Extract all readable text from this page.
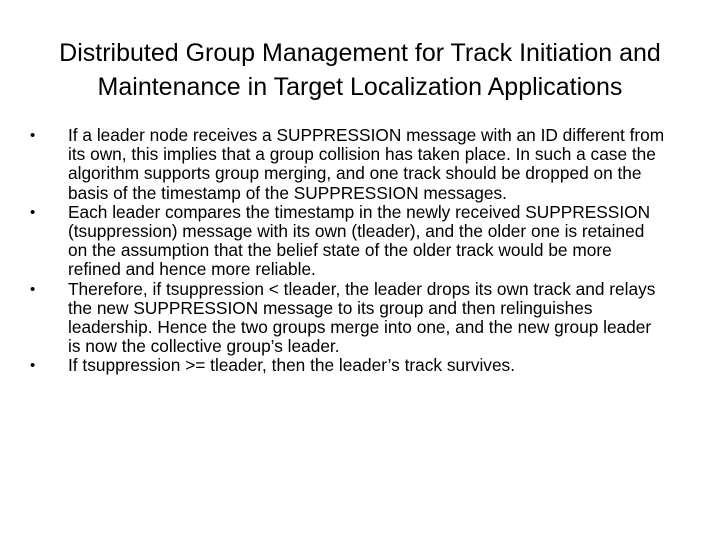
Distributed Group Management for Track Initiation and
Maintenance in Target Localization Applications
•	If a leader node receives a SUPPRESSION message with an ID different from its own, this implies that a group collision has taken place. In such a case the algorithm supports group merging, and one track should be dropped on the basis of the timestamp of the SUPPRESSION messages.
•	Each leader compares the timestamp in the newly received SUPPRESSION (tsuppression) message with its own (tleader), and the older one is retained on the assumption that the belief state of the older track would be more refined and hence more reliable.
•	Therefore, if tsuppression < tleader, the leader drops its own track and relays the new SUPPRESSION message to its group and then relinguishes leadership. Hence the two groups merge into one, and the new group leader is now the collective group’s leader.
•	If tsuppression >= tleader, then the leader’s track survives.
